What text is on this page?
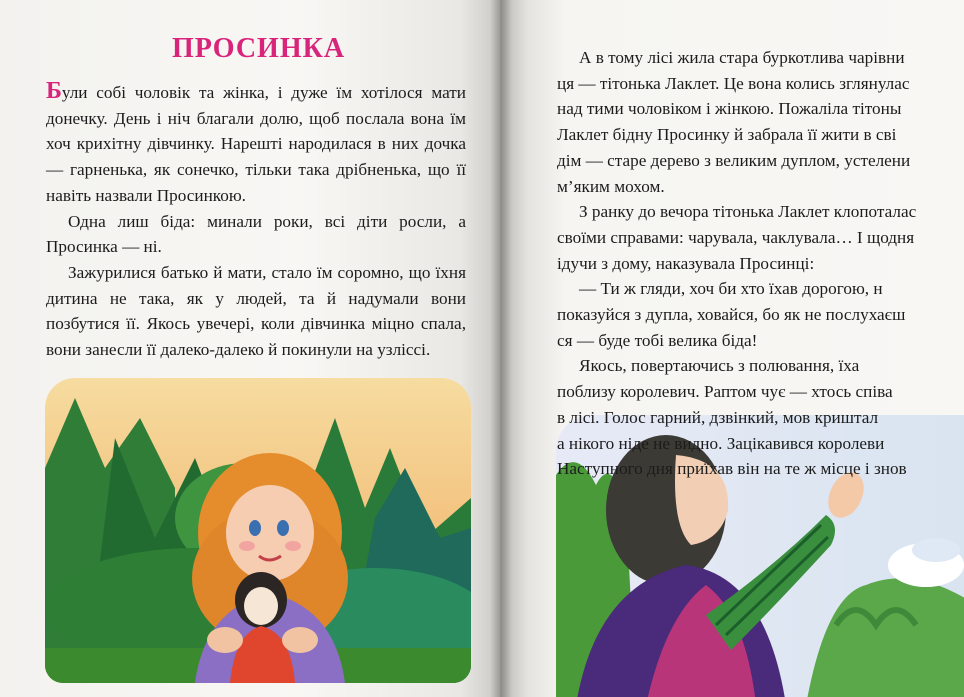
ПРОСИНКА

Були собі чоловік та жінка, і дуже їм хотілося мати донечку. День і ніч благали долю, щоб послала вона їм хоч крихітну дівчинку. Нарешті народилася в них дочка — гарненька, як сонечко, тільки така дрібненька, що її навіть назвали Просинкою.

Одна лиш біда: минали роки, всі діти росли, а Просинка — ні.

Зажурилися батько й мати, стало їм соромно, що їхня дитина не така, як у людей, та й надумали вони позбутися її. Якось увечері, коли дівчинка міцно спала, вони занесли її далеко-далеко й покинули на узліссі.

А в тому лісі жила стара буркотлива чарівни
ця — тітонька Лаклет. Це вона колись зглянулас
над тими чоловіком і жінкою. Пожаліла тітоны
Лаклет бідну Просинку й забрала її жити в сві
дім — старе дерево з великим дуплом, устелени
м’яким мохом.
З ранку до вечора тітонька Лаклет клопоталас
своїми справами: чарувала, чаклувала… І щодня
ідучи з дому, наказувала Просинці:
— Ти ж гляди, хоч би хто їхав дорогою, н
показуйся з дупла, ховайся, бо як не послухаєш
ся — буде тобі велика біда!
Якось, повертаючись з полювання, їха
поблизу королевич. Раптом чує — хтось співа
в лісі. Голос гарний, дзвінкий, мов криштал
а нікого ніде не видно. Зацікавився королеви
Наступного дня приїхав він на те ж місце і знов
